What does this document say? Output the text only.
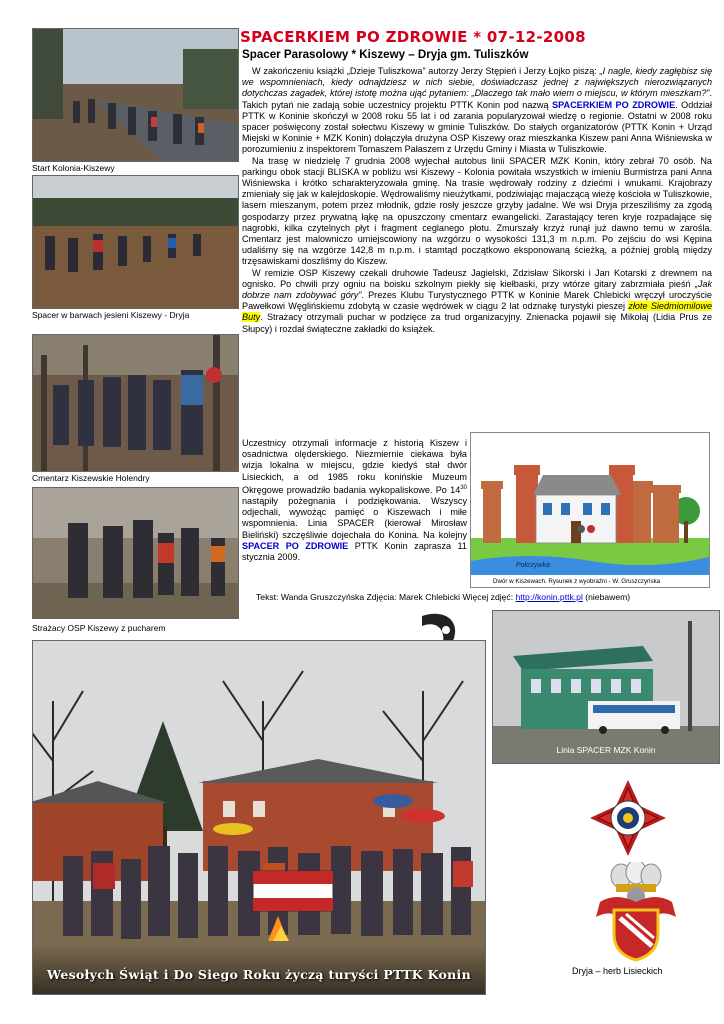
Start Kolonia-Kiszewy
Spacer w barwach jesieni Kiszewy - Dryja
Cmentarz Kiszewskie Holendry
Strażacy OSP Kiszewy z pucharem
SPACERKIEM PO ZDROWIE * 07-12-2008
Spacer Parasolowy * Kiszewy – Dryja gm. Tuliszków

W zakończeniu książki „Dzieje Tuliszkowa” autorzy Jerzy Stępień i Jerzy Łojko piszą: „I nagle, kiedy zagłębisz się we wspomnieniach, kiedy odnajdziesz w nich siebie, doświadczasz jednej z największych nierozwiązanych dotychczas zagadek, której istotę można ująć pytaniem: „Dlaczego tak mało wiem o miejscu, w którym mieszkam?”. Takich pytań nie zadają sobie uczestnicy projektu PTTK Konin pod nazwą SPACERKIEM PO ZDROWIE. Oddział PTTK w Koninie skończył w 2008 roku 55 lat i od zarania popularyzował wiedzę o regionie. Ostatni w 2008 roku spacer poświęcony został sołectwu Kiszewy w gminie Tuliszków. Do stałych organizatorów (PTTK Konin + Urząd Miejski w Koninie + MZK Konin) dołączyła drużyna OSP Kiszewy oraz mieszkanka Kiszew pani Anna Wiśniewska w porozumieniu z inspektorem Tomaszem Pałaszem z Urzędu Gminy i Miasta w Tuliszkowie.

Na trasę w niedzielę 7 grudnia 2008 wyjechał autobus linii SPACER MZK Konin, który zebrał 70 osób. Na parkingu obok stacji BLISKA w pobliżu wsi Kiszewy - Kolonia powitała wszystkich w imieniu Burmistrza pani Anna Wiśniewska i krótko scharakteryzowała gminę. Na trasie wędrowały rodziny z dziećmi i wnukami. Krajobrazy zmieniały się jak w kalejdoskopie. Wędrowaliśmy nieużytkami, podziwiając majaczącą wieżę kościoła w Tuliszkowie, lasem mieszanym, potem przez młodnik, gdzie rosły jeszcze grzyby jadalne. We wsi Dryja przesziliśmy za zgodą gospodarzy przez prywatną łąkę na opuszczony cmentarz ewangelicki. Zarastający teren kryje rozpadające się nagrobki, kilka czytelnych płyt i fragment ceglanego płotu. Zmurszały krzyż runął już dawno temu w zarośla. Cmentarz jest malowniczo umiejscowiony na wzgórzu o wysokości 131,3 m n.p.m. Po zejściu do wsi Kępina udaliśmy się na wzgórze 142,8 m n.p.m. i stamtąd początkowo eksponowaną ścieżką, a później groblą między trzęsawiskami doszliśmy do Kiszew.

W remizie OSP Kiszewy czekali druhowie Tadeusz Jagielski, Zdzisław Sikorski i Jan Kotarski z drewnem na ognisko. Po chwili przy ogniu na boisku szkolnym piekły się kiełbaski, przy wtórze gitary zabrzmiała pieśń „Jak dobrze nam zdobywać góry”. Prezes Klubu Turystycznego PTTK w Koninie Marek Chlebicki wręczył uroczyście Pawełkowi Węglińskiemu zdobytą w czasie wędrówek w ciągu 2 lat odznakę turystyki pieszej złote Siedmiomilowe Buty. Strażacy otrzymali puchar w podzięce za trud organizacyjny. Znienacka pojawił się Mikołaj (Lidia Prus ze Słupcy) i rozdał świąteczne zakładki do książek.

Uczestnicy otrzymali informacje z historią Kiszew i osadnictwa olęderskiego. Niezmiernie ciekawa była wizja lokalna w miejscu, gdzie kiedyś stał dwór Lisieckich, a od 1985 roku konińskie Muzeum Okręgowe prowadziło badania wykopaliskowe. Po $14^{30}$ nastąpiły pożegnania i podziękowania. Wszyscy odjechali, wywożąc pamięć o Kiszewach i miłe wspomnienia. Linia SPACER (kierował Mirosław Bieliński) szczęśliwie dojechała do Konina. Na kolejny SPACER PO ZDROWIE PTTK Konin zaprasza 11 stycznia 2009.
Pokrzywka
Dwór w Kiszewach. Rysunek z wyobraźni - W. Gruszczyńska
Tekst: Wanda Gruszczyńska Zdjęcia: Marek Chlebicki Więcej zdjęć: http://konin.pttk.pl (niebawem)
Linia SPACER MZK Konin
Dryja – herb Lisieckich
Wesołych Świąt i Do Siego Roku życzą turyści PTTK Konin
